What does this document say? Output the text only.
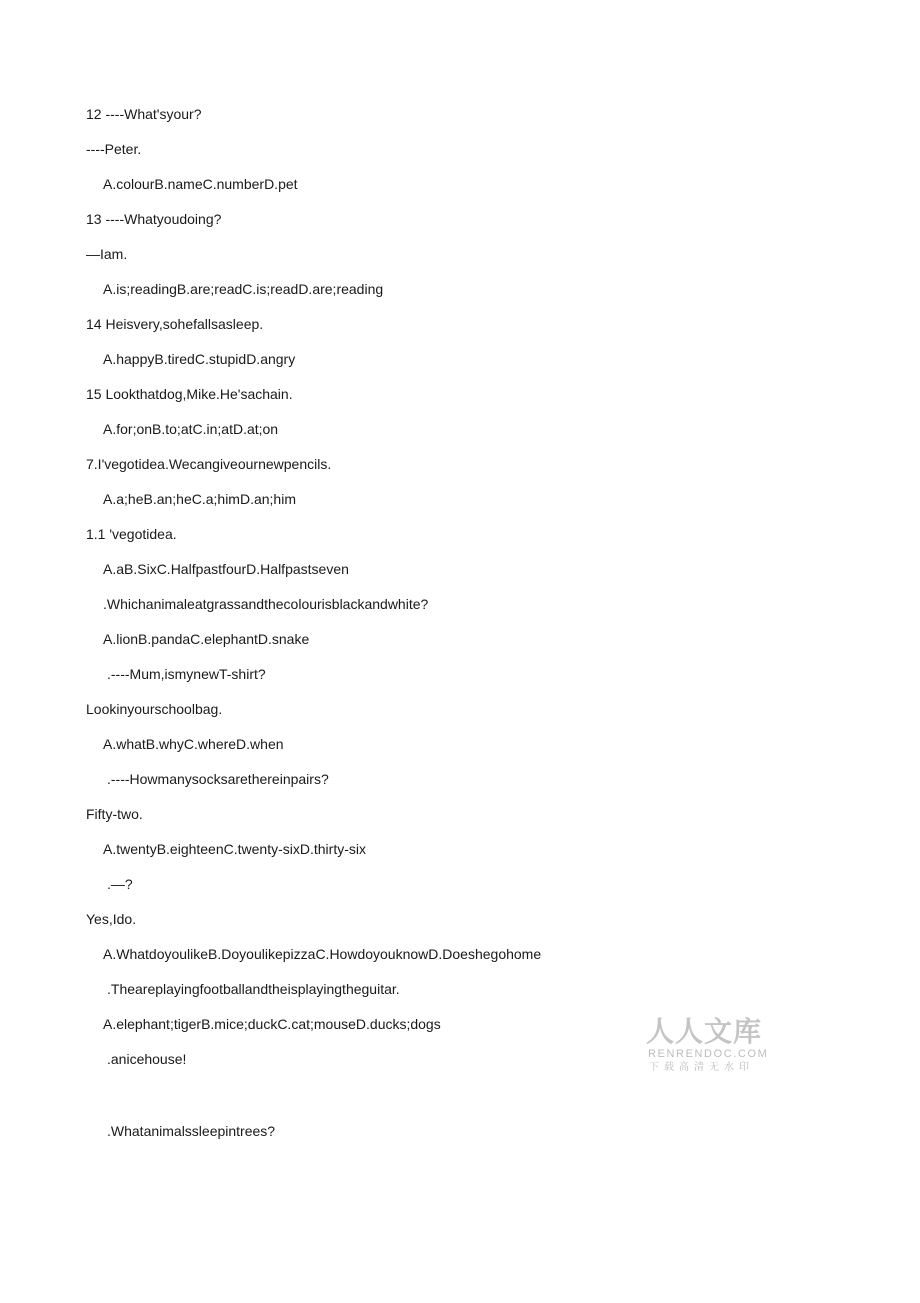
12 ----What'syour?
----Peter.
A.colourB.nameC.numberD.pet
13 ----Whatyoudoing?
—Iam.
A.is;readingB.are;readC.is;readD.are;reading
14 Heisvery,sohefallsasleep.
A.happyB.tiredC.stupidD.angry
15 Lookthatdog,Mike.He'sachain.
A.for;onB.to;atC.in;atD.at;on
7.I'vegotidea.Wecangiveournewpencils.
A.a;heB.an;heC.a;himD.an;him
1.1 'vegotidea.
A.aB.SixC.HalfpastfourD.Halfpastseven
.Whichanimaleatgrassandthecolourisblackandwhite?
A.lionB.pandaC.elephantD.snake
.----Mum,ismynewT-shirt?
Lookinyourschoolbag.
A.whatB.whyC.whereD.when
.----Howmanysocksarethereinpairs?
Fifty-two.
A.twentyB.eighteenC.twenty-sixD.thirty-six
.—?
Yes,Ido.
A.WhatdoyoulikeB.DoyoulikepizzaC.HowdoyouknowD.Doeshegohome
.Theareplayingfootballandtheisplayingtheguitar.
A.elephant;tigerB.mice;duckC.cat;mouseD.ducks;dogs
.anicehouse!
.Whatanimalssleepintrees?
人人文库
RENRENDOC.COM
下载高清无水印
